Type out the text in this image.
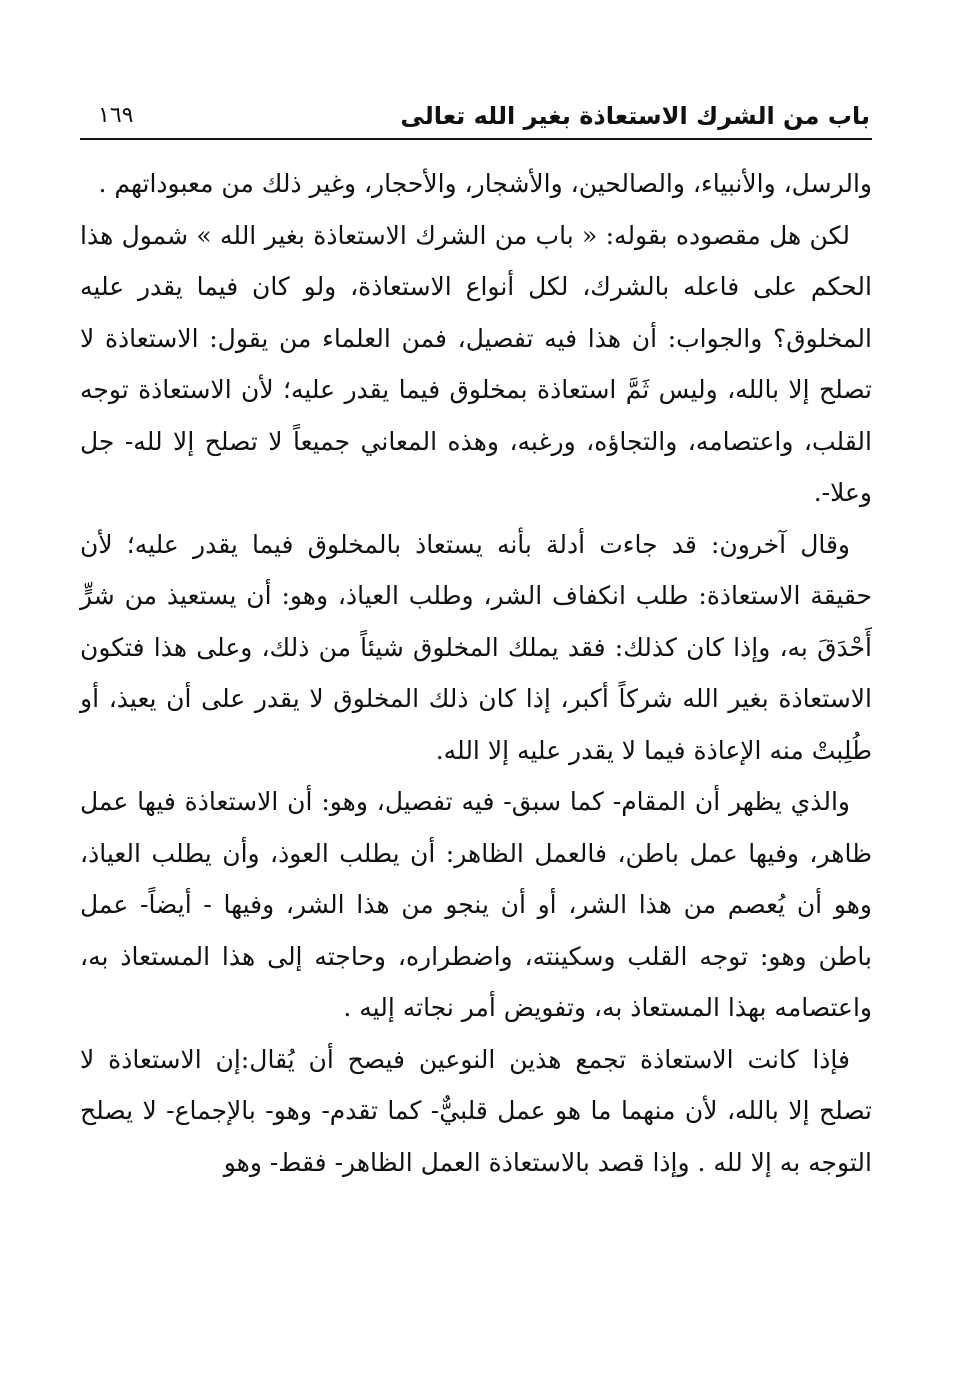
باب من الشرك الاستعاذة بغير الله تعالى
١٦٩

والرسل، والأنبياء، والصالحين، والأشجار، والأحجار، وغير ذلك من معبوداتهم .

لكن هل مقصوده بقوله: « باب من الشرك الاستعاذة بغير الله » شمول هذا الحكم على فاعله بالشرك، لكل أنواع الاستعاذة، ولو كان فيما يقدر عليه المخلوق؟ والجواب: أن هذا فيه تفصيل، فمن العلماء من يقول: الاستعاذة لا تصلح إلا بالله، وليس ثَمَّ استعاذة بمخلوق فيما يقدر عليه؛ لأن الاستعاذة توجه القلب، واعتصامه، والتجاؤه، ورغبه، وهذه المعاني جميعاً لا تصلح إلا لله- جل وعلا-.

وقال آخرون: قد جاءت أدلة بأنه يستعاذ بالمخلوق فيما يقدر عليه؛ لأن حقيقة الاستعاذة: طلب انكفاف الشر، وطلب العياذ، وهو: أن يستعيذ من شرٍّ أَحْدَقَ به، وإذا كان كذلك: فقد يملك المخلوق شيئاً من ذلك، وعلى هذا فتكون الاستعاذة بغير الله شركاً أكبر، إذا كان ذلك المخلوق لا يقدر على أن يعيذ، أو طُلِبتْ منه الإعاذة فيما لا يقدر عليه إلا الله.

والذي يظهر أن المقام- كما سبق- فيه تفصيل، وهو: أن الاستعاذة فيها عمل ظاهر، وفيها عمل باطن، فالعمل الظاهر: أن يطلب العوذ، وأن يطلب العياذ، وهو أن يُعصم من هذا الشر، أو أن ينجو من هذا الشر، وفيها - أيضاً- عمل باطن وهو: توجه القلب وسكينته، واضطراره، وحاجته إلى هذا المستعاذ به، واعتصامه بهذا المستعاذ به، وتفويض أمر نجاته إليه .

فإذا كانت الاستعاذة تجمع هذين النوعين فيصح أن يُقال:إن الاستعاذة لا تصلح إلا بالله، لأن منهما ما هو عمل قلبيٌّ- كما تقدم- وهو- بالإجماع- لا يصلح التوجه به إلا لله . وإذا قصد بالاستعاذة العمل الظاهر- فقط- وهو
